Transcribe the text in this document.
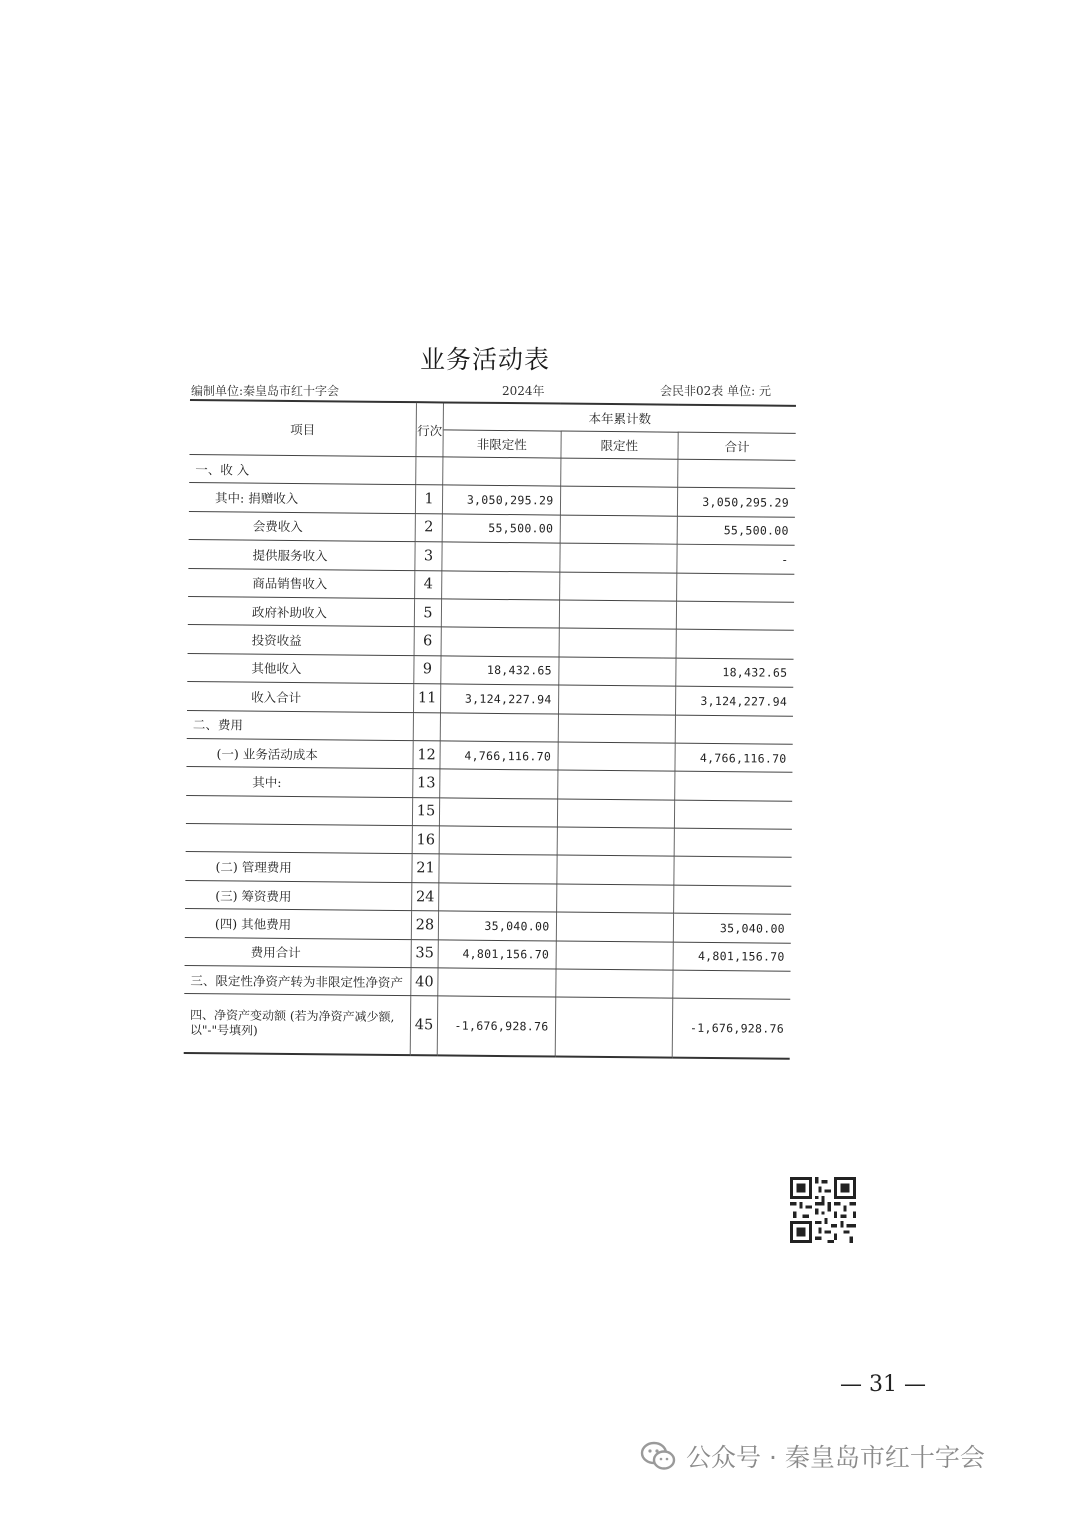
业务活动表
编制单位:秦皇岛市红十字会	2024年	会民非02表 单位: 元
项目	行次	本年累计数		
		非限定性	限定性	合计
一、收 入				
其中: 捐赠收入	1	3,050,295.29		3,050,295.29
会费收入	2	55,500.00		55,500.00
提供服务收入	3			-
商品销售收入	4			
政府补助收入	5			
投资收益	6			
其他收入	9	18,432.65		18,432.65
收入合计	11	3,124,227.94		3,124,227.94
二、费用				
(一) 业务活动成本	12	4,766,116.70		4,766,116.70
其中:	13			
	15			
	16			
(二) 管理费用	21			
(三) 筹资费用	24			
(四) 其他费用	28	35,040.00		35,040.00
费用合计	35	4,801,156.70		4,801,156.70
三、限定性净资产转为非限定性净资产	40			
四、净资产变动额 (若为净资产减少额, 以"-"号填列)	45	-1,676,928.76		-1,676,928.76
— 31 —
公众号 · 秦皇岛市红十字会
